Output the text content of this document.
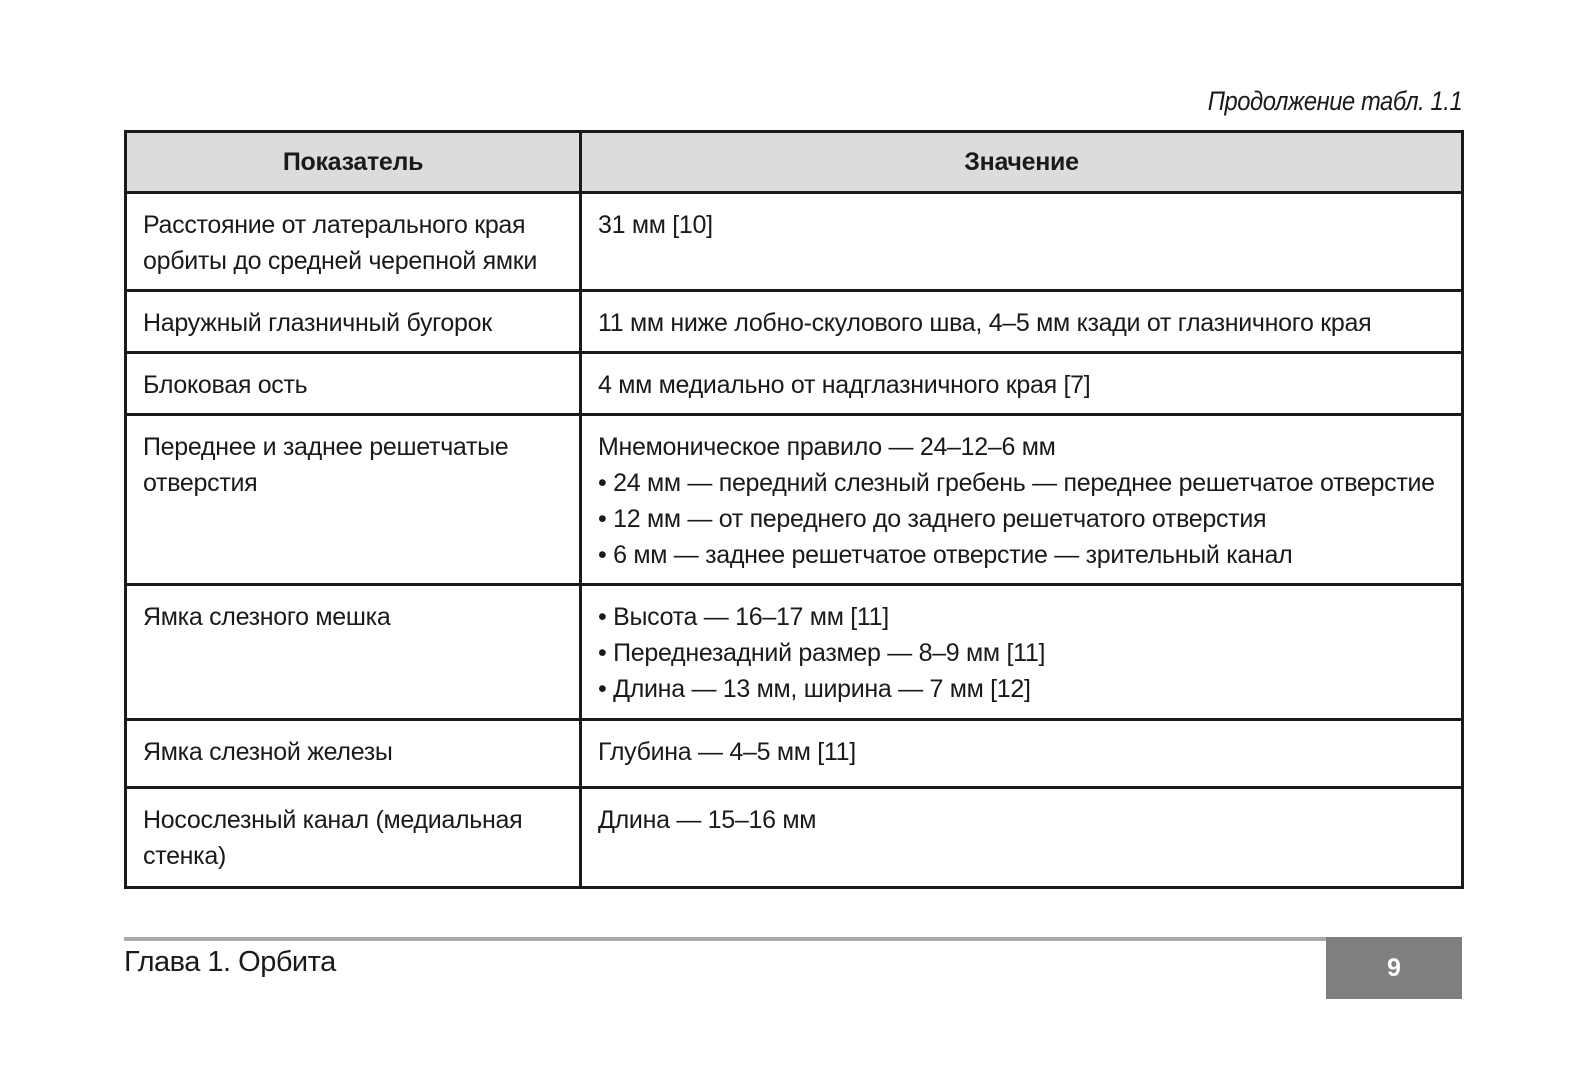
Продолжение табл. 1.1
Показатель	Значение

Расстояние от латерального края
орбиты до средней черепной ямки	31 мм [10]

Наружный глазничный бугорок	11 мм ниже лобно-скулового шва, 4–5 мм кзади от глазничного края

Блоковая ость	4 мм медиально от надглазничного края [7]

Переднее и заднее решетчатые
отверстия	Мнемоническое правило — 24–12–6 мм
• 24 мм — передний слезный гребень — переднее решетчатое отверстие
• 12 мм — от переднего до заднего решетчатого отверстия
• 6 мм — заднее решетчатое отверстие — зрительный канал

Ямка слезного мешка	• Высота — 16–17 мм [11]
• Переднезадний размер — 8–9 мм [11]
• Длина — 13 мм, ширина — 7 мм [12]

Ямка слезной железы	Глубина — 4–5 мм [11]

Носослезный канал (медиальная
стенка)	Длина — 15–16 мм
Глава 1. Орбита	9
